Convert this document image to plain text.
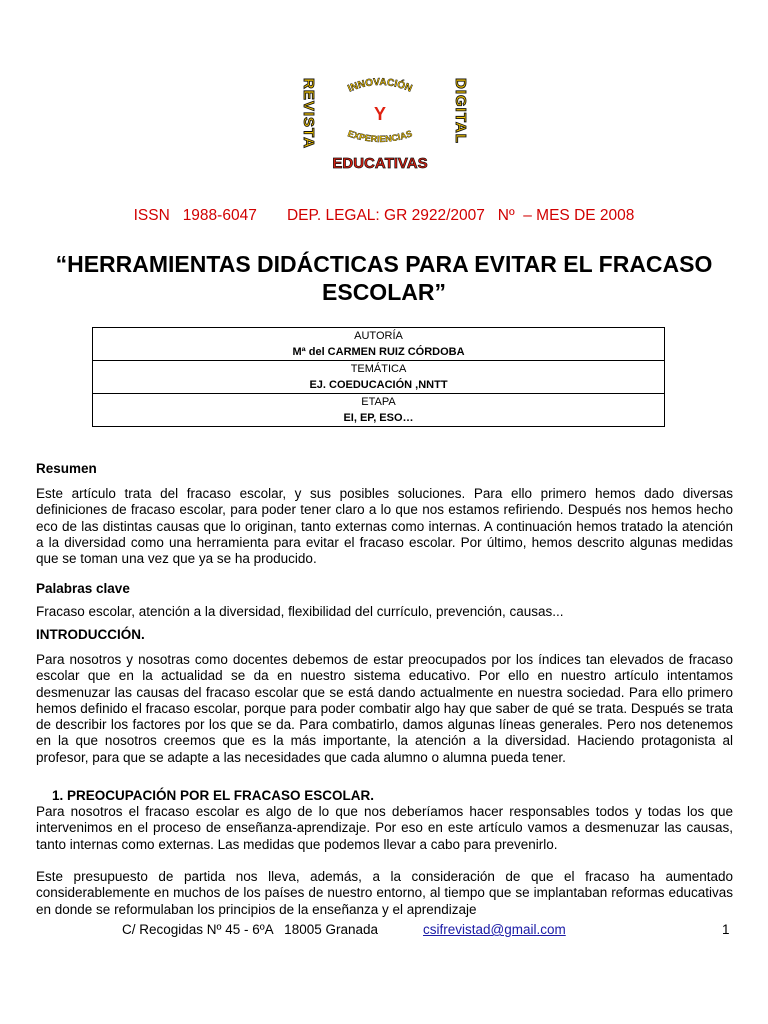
REVISTA	DIGITAL
INNOVACIÓN
Y
EXPERIENCIAS
EDUCATIVAS
ISSN   1988-6047       DEP. LEGAL: GR 2922/2007   Nº  – MES DE 2008
“HERRAMIENTAS DIDÁCTICAS PARA EVITAR EL FRACASO ESCOLAR”
AUTORÍA
Mª del CARMEN RUIZ CÓRDOBA

TEMÁTICA
EJ. COEDUCACIÓN ,NNTT

ETAPA
EI, EP, ESO…
Resumen

Este artículo trata del fracaso escolar, y sus posibles soluciones. Para ello primero hemos dado diversas definiciones de fracaso escolar, para poder tener claro a lo que nos estamos refiriendo. Después nos hemos hecho eco de las distintas causas que lo originan, tanto externas como internas. A continuación hemos tratado la atención a la diversidad como una herramienta para evitar el fracaso escolar. Por último, hemos descrito algunas medidas que se toman una vez que ya se ha producido.

Palabras clave

Fracaso escolar, atención a la diversidad, flexibilidad del currículo, prevención, causas...

INTRODUCCIÓN.

Para nosotros y nosotras como docentes debemos de estar preocupados por los índices tan elevados de fracaso escolar que en la actualidad se da en nuestro sistema educativo. Por ello en nuestro artículo intentamos desmenuzar las causas del fracaso escolar que se está dando actualmente en nuestra sociedad. Para ello primero hemos definido el fracaso escolar, porque para poder combatir algo hay que saber de qué se trata. Después se trata de describir los factores por los que se da. Para combatirlo, damos algunas líneas generales. Pero nos detenemos en la que nosotros creemos que es la más importante, la atención a la diversidad. Haciendo protagonista al profesor, para que se adapte a las necesidades que cada alumno o alumna pueda tener.

1. PREOCUPACIÓN POR EL FRACASO ESCOLAR.

Para nosotros el fracaso escolar es algo de lo que nos deberíamos hacer responsables todos y todas los que intervenimos en el proceso de enseñanza-aprendizaje. Por eso en este artículo vamos a desmenuzar las causas, tanto internas como externas. Las medidas que podemos llevar a cabo para prevenirlo.

Este presupuesto de partida nos lleva, además, a la consideración de que el fracaso ha aumentado considerablemente en muchos de los países de nuestro entorno, al tiempo que se implantaban reformas educativas en donde se reformulaban los principios de la enseñanza y el aprendizaje

C/ Recogidas Nº 45 - 6ºA   18005 Granada	csifrevistad@gmail.com	1
